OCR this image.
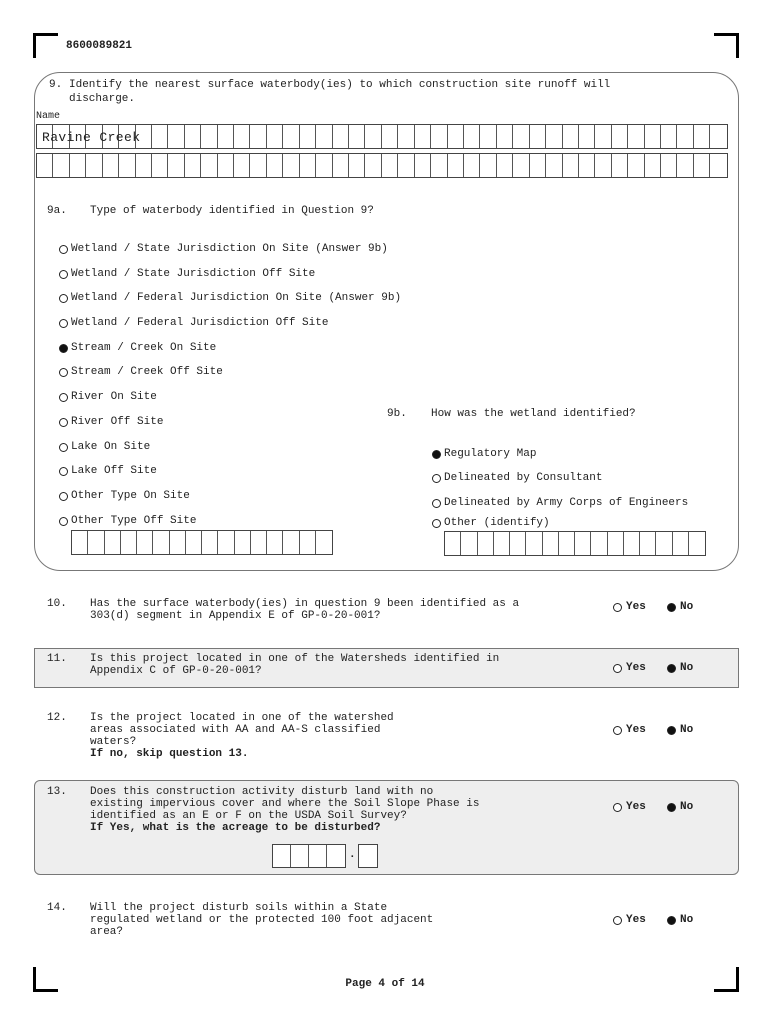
8600089821
9. Identify the nearest surface waterbody(ies) to which construction site runoff will
discharge.
Name
Ravine Creek
9a. Type of waterbody identified in Question 9?
Wetland / State Jurisdiction On Site (Answer 9b)
Wetland / State Jurisdiction Off Site
Wetland / Federal Jurisdiction On Site (Answer 9b)
Wetland / Federal Jurisdiction Off Site
Stream / Creek On Site
Stream / Creek Off Site
River On Site
River Off Site
Lake On Site
Lake Off Site
Other Type On Site
Other Type Off Site
9b. How was the wetland identified?
Regulatory Map
Delineated by Consultant
Delineated by Army Corps of Engineers
Other (identify)
10. Has the surface waterbody(ies) in question 9 been identified as a
303(d) segment in Appendix E of GP-0-20-001?
Yes	No
11. Is this project located in one of the Watersheds identified in
Appendix C of GP-0-20-001?	Yes	No
12. Is the project located in one of the watershed
areas associated with AA and AA-S classified
waters?
If no, skip question 13.
Yes	No
13. Does this construction activity disturb land with no
existing impervious cover and where the Soil Slope Phase is
identified as an E or F on the USDA Soil Survey?
If Yes, what is the acreage to be disturbed?
Yes	No
.
14. Will the project disturb soils within a State
regulated wetland or the protected 100 foot adjacent
area?
Yes	No
Page 4 of 14
